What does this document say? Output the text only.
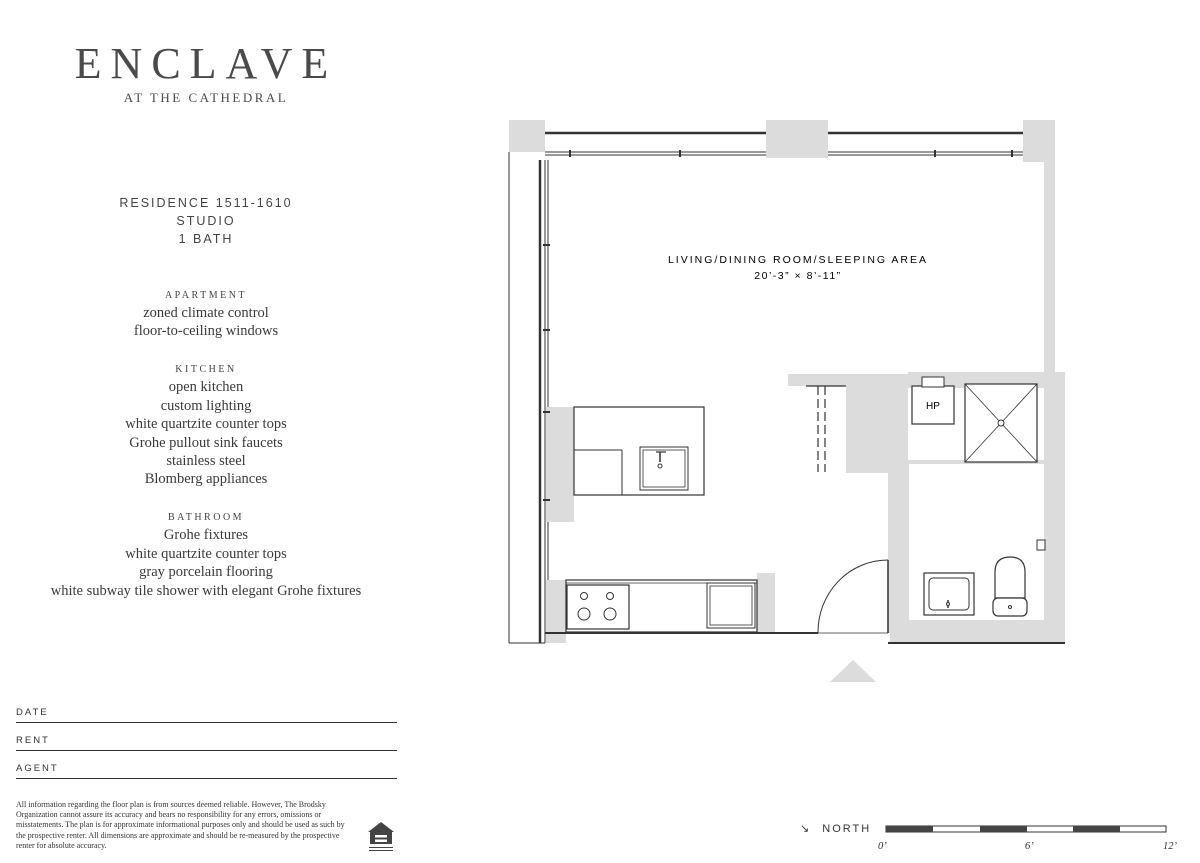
ENCLAVE
AT THE CATHEDRAL
RESIDENCE 1511-1610
STUDIO
1 BATH
APARTMENT
zoned climate control
floor-to-ceiling windows
KITCHEN
open kitchen
custom lighting
white quartzite counter tops
Grohe pullout sink faucets
stainless steel
Blomberg appliances
BATHROOM
Grohe fixtures
white quartzite counter tops
gray porcelain flooring
white subway tile shower with elegant Grohe fixtures
DATE
RENT
AGENT
All information regarding the floor plan is from sources deemed reliable. However, The Brodsky Organization cannot assure its accuracy and bears no responsibility for any errors, omissions or misstatements. The plan is for approximate informational purposes only and should be used as such by the prospective renter. All dimensions are approximate and should be re-measured by the prospective renter for absolute accuracy.
HP
LIVING/DINING ROOM/SLEEPING AREA
20’-3” × 8’-11”
↘ NORTH
0’	6’	12’
